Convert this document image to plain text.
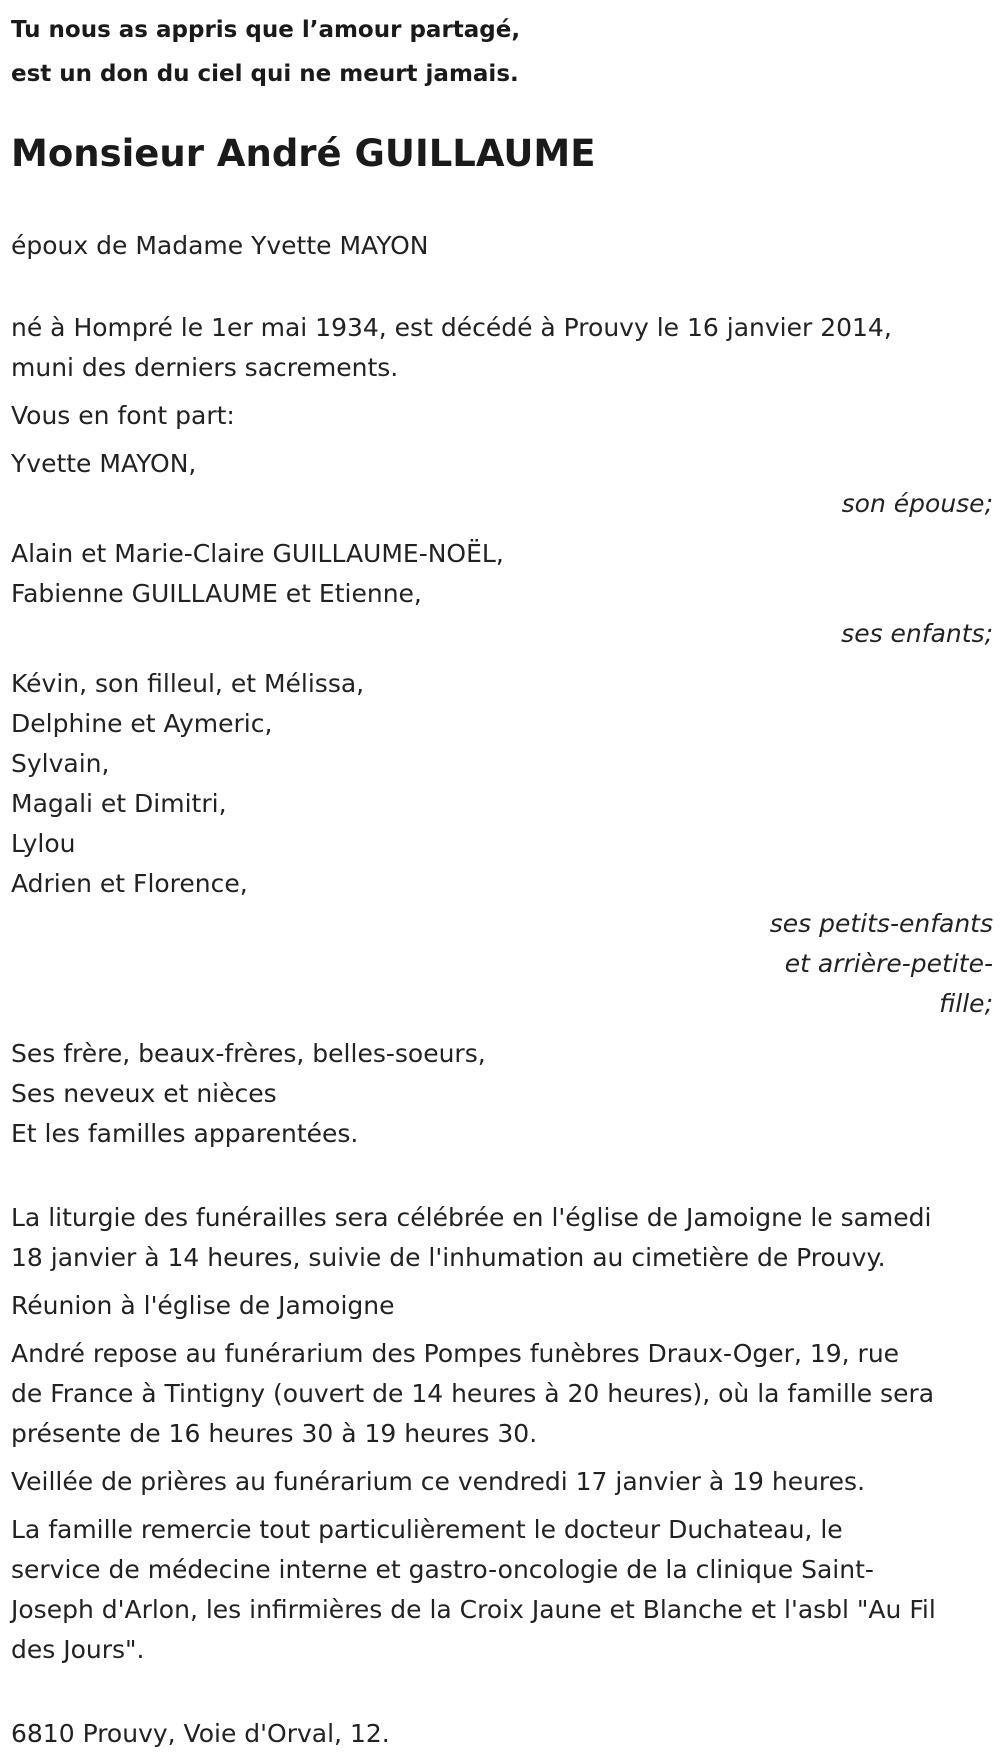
Tu nous as appris que l’amour partagé,
est un don du ciel qui ne meurt jamais.
Monsieur André GUILLAUME
époux de Madame Yvette MAYON
né à Hompré le 1er mai 1934, est décédé à Prouvy le 16 janvier 2014,
muni des derniers sacrements.
Vous en font part:
Yvette MAYON,
son épouse;
Alain et Marie-Claire GUILLAUME-NOËL,
Fabienne GUILLAUME et Etienne,
ses enfants;
Kévin, son filleul, et Mélissa,
Delphine et Aymeric,
Sylvain,
Magali et Dimitri,
Lylou
Adrien et Florence,
ses petits-enfants
et arrière-petite-
fille;
Ses frère, beaux-frères, belles-soeurs,
Ses neveux et nièces
Et les familles apparentées.
La liturgie des funérailles sera célébrée en l'église de Jamoigne le samedi
18 janvier à 14 heures, suivie de l'inhumation au cimetière de Prouvy.
Réunion à l'église de Jamoigne
André repose au funérarium des Pompes funèbres Draux-Oger, 19, rue
de France à Tintigny (ouvert de 14 heures à 20 heures), où la famille sera
présente de 16 heures 30 à 19 heures 30.
Veillée de prières au funérarium ce vendredi 17 janvier à 19 heures.
La famille remercie tout particulièrement le docteur Duchateau, le
service de médecine interne et gastro-oncologie de la clinique Saint-
Joseph d'Arlon, les infirmières de la Croix Jaune et Blanche et l'asbl "Au Fil
des Jours".
6810 Prouvy, Voie d'Orval, 12.
